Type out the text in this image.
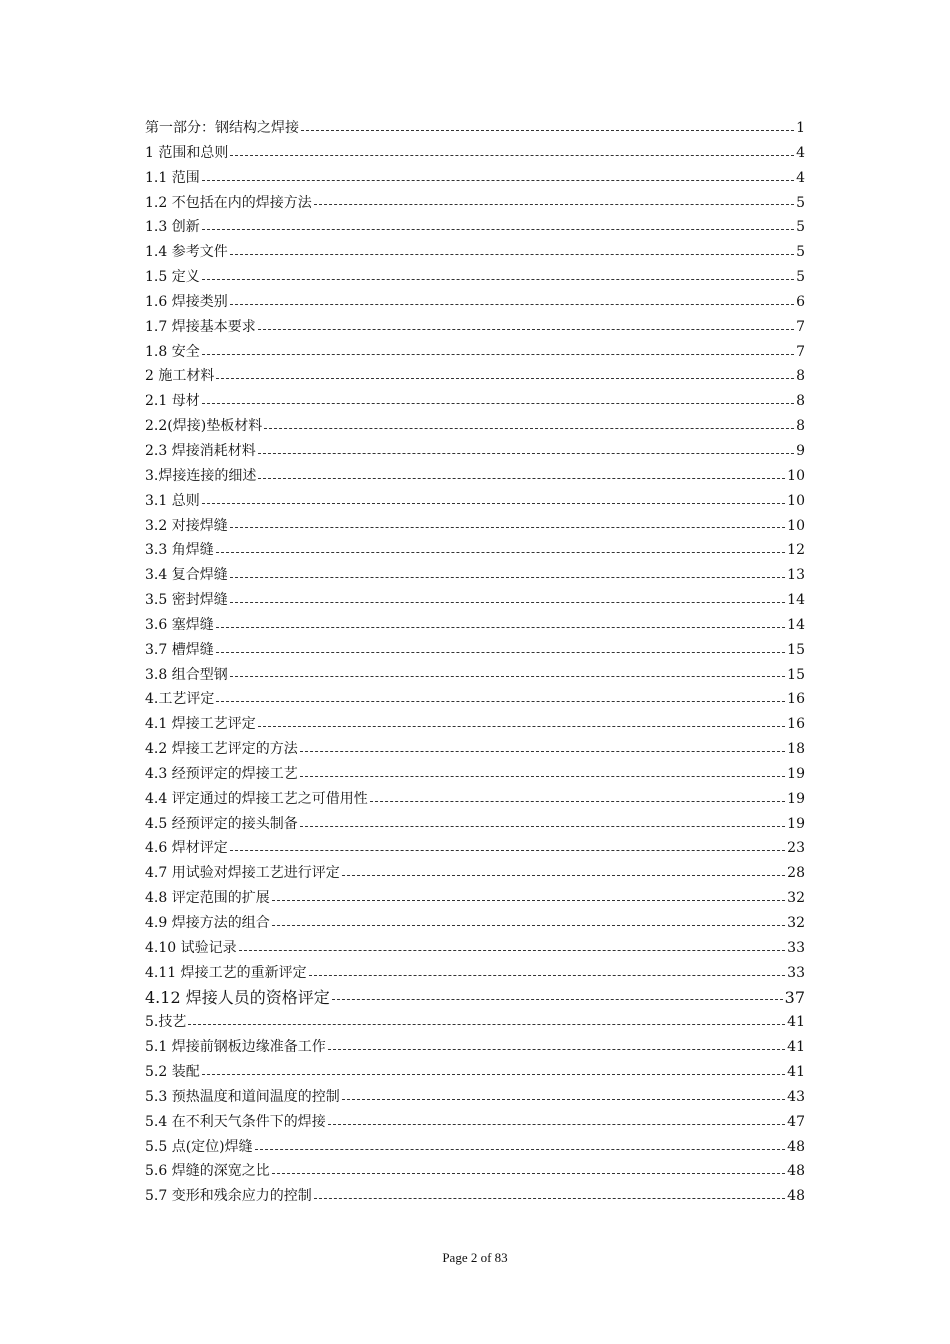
第一部分：钢结构之焊接	1
1 范围和总则	4
1.1 范围	4
1.2 不包括在内的焊接方法	5
1.3 创新	5
1.4 参考文件	5
1.5 定义	5
1.6 焊接类别	6
1.7 焊接基本要求	7
1.8 安全	7
2 施工材料	8
2.1 母材	8
2.2(焊接)垫板材料	8
2.3 焊接消耗材料	9
3.焊接连接的细述	10
3.1 总则	10
3.2 对接焊缝	10
3.3 角焊缝	12
3.4 复合焊缝	13
3.5 密封焊缝	14
3.6 塞焊缝	14
3.7 槽焊缝	15
3.8 组合型钢	15
4.工艺评定	16
4.1 焊接工艺评定	16
4.2 焊接工艺评定的方法	18
4.3 经预评定的焊接工艺	19
4.4 评定通过的焊接工艺之可借用性	19
4.5 经预评定的接头制备	19
4.6 焊材评定	23
4.7 用试验对焊接工艺进行评定	28
4.8 评定范围的扩展	32
4.9 焊接方法的组合	32
4.10 试验记录	33
4.11 焊接工艺的重新评定	33
4.12 焊接人员的资格评定	37
5.技艺	41
5.1 焊接前钢板边缘准备工作	41
5.2 装配	41
5.3 预热温度和道间温度的控制	43
5.4 在不利天气条件下的焊接	47
5.5 点(定位)焊缝	48
5.6 焊缝的深宽之比	48
5.7 变形和残余应力的控制	48
Page 2 of 83
